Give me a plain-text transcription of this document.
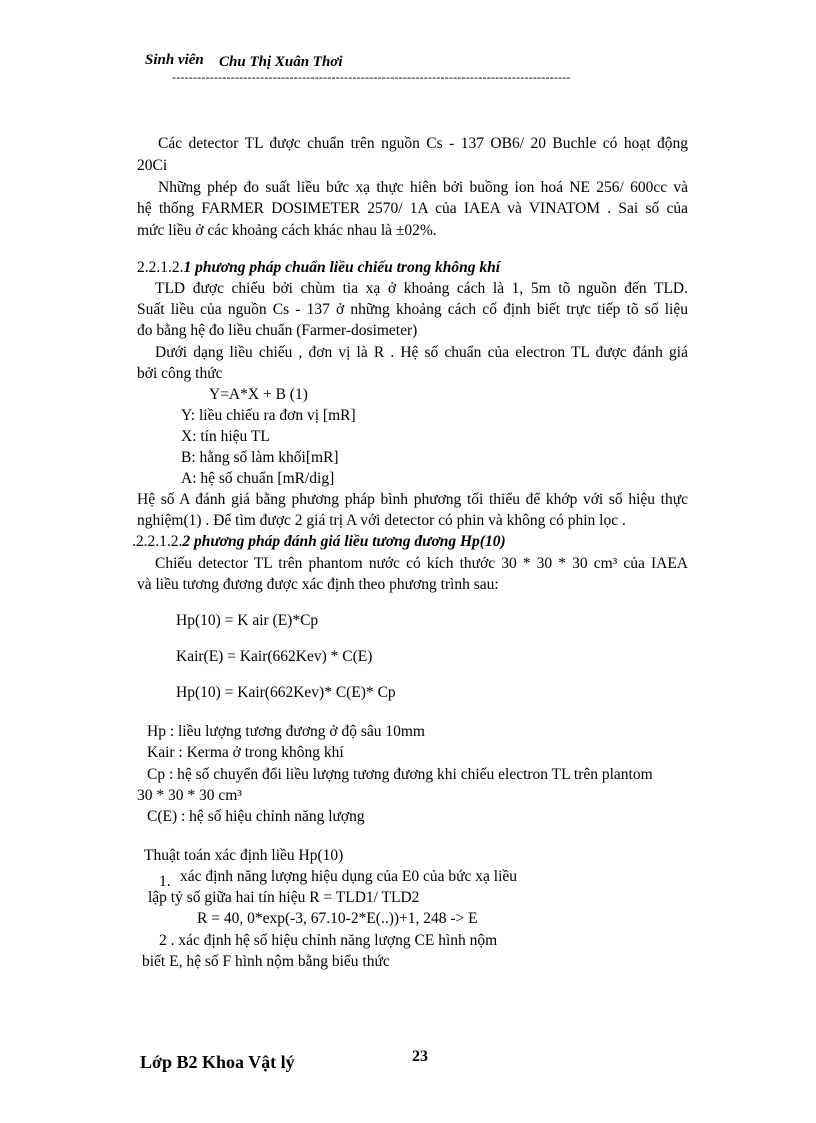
Sinh viên Chu Thị Xuân Thơi
-----------------------------------------------------------------------------------------------
Các detector TL được chuẩn trên nguồn Cs - 137 OB6/ 20 Buchle có hoạt động
20Ci
Những phép đo suất liều bức xạ thực hiên bởi buồng ion hoá NE 256/ 600cc và
hệ thống FARMER DOSIMETER 2570/ 1A của IAEA và VINATOM . Sai số của
mức liều ở các khoảng cách khác nhau là ±02%.
2.2.1.2.1 phương pháp chuẩn liều chiếu trong không khí
TLD được chiếu bởi chùm tia xạ ở khoảng cách là 1, 5m tõ nguồn đến TLD.
Suất liều của nguồn Cs - 137 ở những khoảng cách cố định biết trực tiếp tõ số liệu
đo bằng hệ đo liều chuẩn (Farmer-dosimeter)
Dưới dạng liều chiếu , đơn vị là R . Hệ số chuẩn của electron TL được đánh giá
bởi công thức
Y=A*X + B (1)
Y: liều chiếu ra đơn vị [mR]
X: tín hiệu TL
B: hằng số làm khối[mR]
A: hệ số chuẩn [mR/dig]
Hệ số A đánh giá bằng phương pháp bình phương tối thiểu để khớp với số hiệu thực
nghiệm(1) . Để tìm được 2 giá trị A với detector có phin và không có phin lọc .
.2.2.1.2.2 phương pháp đánh giá liều tương đương Hp(10)
Chiếu detector TL trên phantom nước có kích thước 30 * 30 * 30 cm³ của IAEA
và liều tương đương được xác định theo phương trình sau:
Hp(10) = K air (E)*Cp
Kair(E) = Kair(662Kev) * C(E)
Hp(10) = Kair(662Kev)* C(E)* Cp
Hp : liều lượng tương đương ở độ sâu 10mm
Kair : Kerma ở trong không khí
Cp : hệ số chuyển đổi liều lượng tương đương khi chiếu electron TL trên plantom
30 * 30 * 30 cm³
C(E) : hệ số hiệu chỉnh năng lượng
Thuật toán xác định liều Hp(10)
1. xác định năng lượng hiệu dụng của E0 của bức xạ liều
lập tỷ số giữa hai tín hiệu R = TLD1/ TLD2
R = 40, 0*exp(-3, 67.10-2*E(..))+1, 248 -> E
2 . xác định hệ số hiệu chỉnh năng lượng CE hình nộm
biết E, hệ số F hình nộm bằng biểu thức
Lớp B2 Khoa Vật lý	23
